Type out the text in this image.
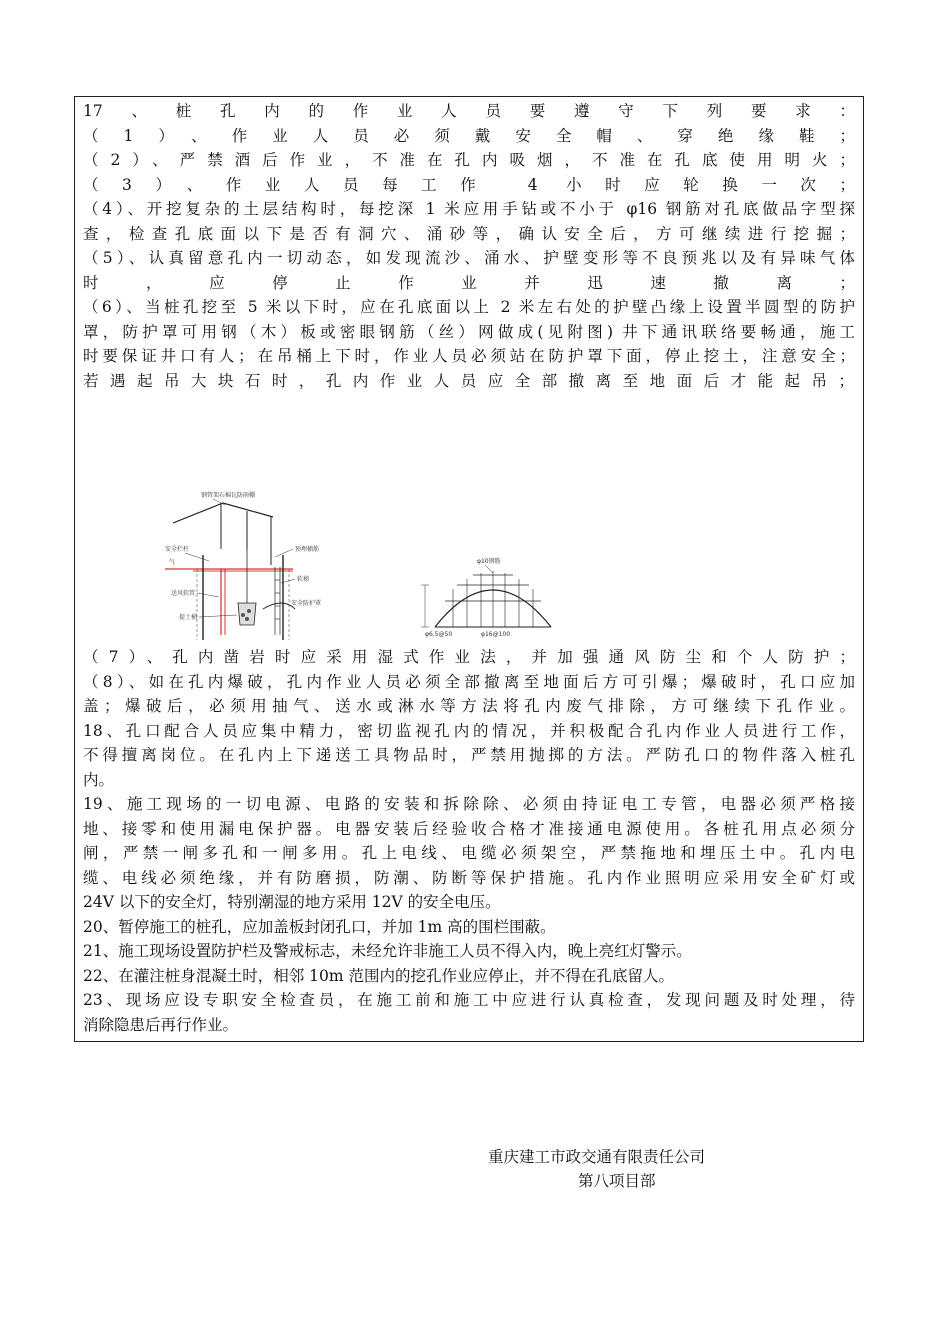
17、桩孔内的作业人员要遵守下列要求：
（1）、作业人员必须戴安全帽、穿绝缘鞋；
（2）、严禁酒后作业，不准在孔内吸烟，不准在孔底使用明火；
（3）、作业人员每工作 4 小时应轮换一次；
（4）、开挖复杂的土层结构时，每挖深 1 米应用手钻或不小于 φ16 钢筋对孔底做品字型探
查，检查孔底面以下是否有洞穴、涌砂等，确认安全后，方可继续进行挖掘；
（5）、认真留意孔内一切动态，如发现流沙、涌水、护壁变形等不良预兆以及有异味气体
时，应停止作业并迅速撤离；
（6）、当桩孔挖至 5 米以下时，应在孔底面以上 2 米左右处的护壁凸缘上设置半圆型的防护
罩，防护罩可用钢（木）板或密眼钢筋（丝）网做成(见附图) 井下通讯联络要畅通，施工
时要保证井口有人；在吊桶上下时，作业人员必须站在防护罩下面，停止挖土，注意安全；
若遇起吊大块石时，孔内作业人员应全部撤离至地面后才能起吊；
钢管架石棉瓦防雨棚
安全栏杆
气
预埋插筋
软梯
送风软管
提土桶
安全防护罩
φ10钢筋
φ6.5@50	φ16@100
（7）、孔内凿岩时应采用湿式作业法，并加强通风防尘和个人防护；
（8）、如在孔内爆破，孔内作业人员必须全部撤离至地面后方可引爆；爆破时，孔口应加
盖；爆破后，必须用抽气、送水或淋水等方法将孔内废气排除，方可继续下孔作业。
18、孔口配合人员应集中精力，密切监视孔内的情况，并积极配合孔内作业人员进行工作，
不得擅离岗位。在孔内上下递送工具物品时，严禁用抛掷的方法。严防孔口的物件落入桩孔
内。
19、施工现场的一切电源、电路的安装和拆除除、必须由持证电工专管，电器必须严格接
地、接零和使用漏电保护器。电器安装后经验收合格才准接通电源使用。各桩孔用点必须分
闸，严禁一闸多孔和一闸多用。孔上电线、电缆必须架空，严禁拖地和埋压土中。孔内电
缆、电线必须绝缘，并有防磨损，防潮、防断等保护措施。孔内作业照明应采用安全矿灯或
24V 以下的安全灯，特别潮湿的地方采用 12V 的安全电压。
20、暂停施工的桩孔，应加盖板封闭孔口，并加 1m 高的围栏围蔽。
21、施工现场设置防护栏及警戒标志，未经允许非施工人员不得入内，晚上亮红灯警示。
22、在灌注桩身混凝土时，相邻 10m 范围内的挖孔作业应停止，并不得在孔底留人。
23、现场应设专职安全检查员，在施工前和施工中应进行认真检查，发现问题及时处理，待
消除隐患后再行作业。
重庆建工市政交通有限责任公司
第八项目部
